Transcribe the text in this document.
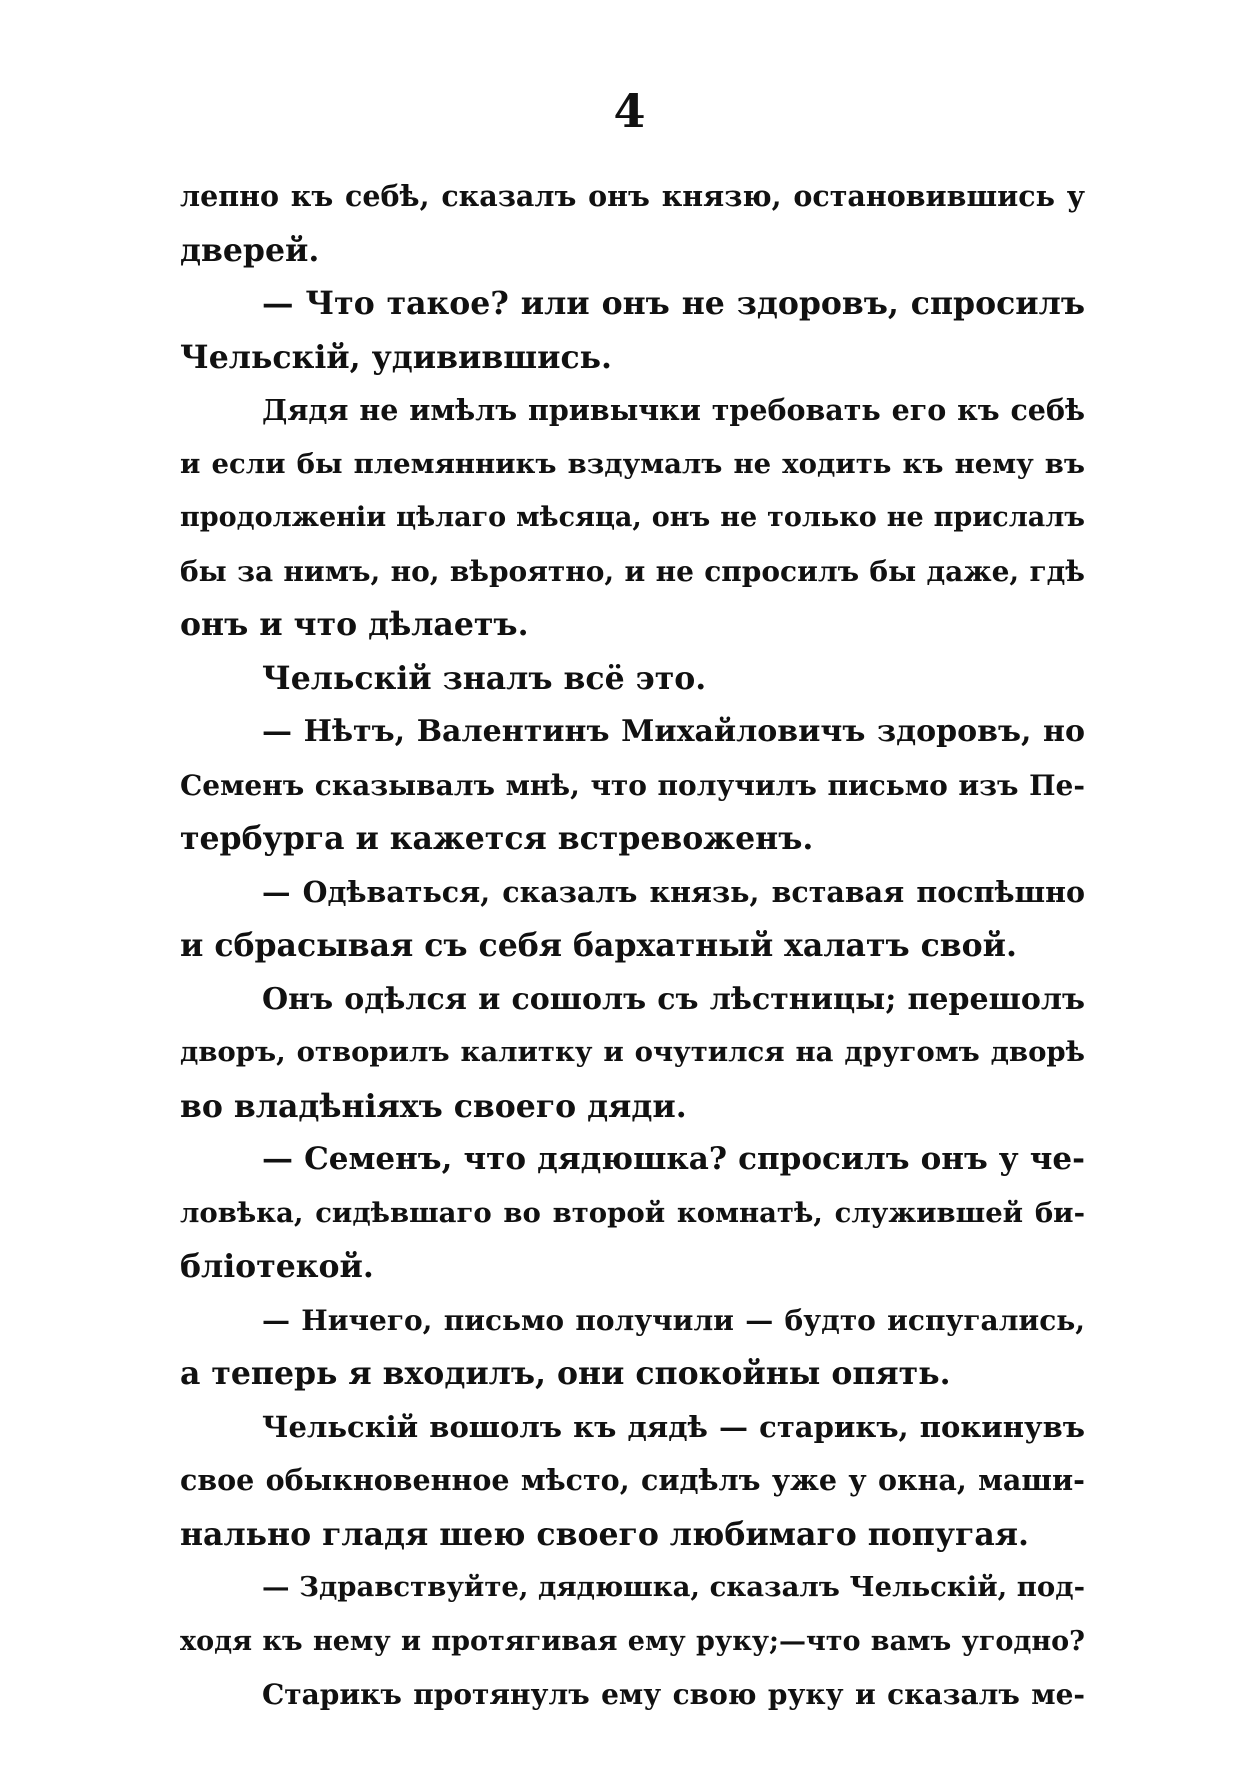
4
лепно къ себѣ, сказалъ онъ князю, остановившись у
дверей.
— Что такое? или онъ не здоровъ, спросилъ
Чельскій, удивившись.
Дядя не имѣлъ привычки требовать его къ себѣ
и если бы племянникъ вздумалъ не ходить къ нему въ
продолженіи цѣлаго мѣсяца, онъ не только не прислалъ
бы за нимъ, но, вѣроятно, и не спросилъ бы даже, гдѣ
онъ и что дѣлаетъ.
Чельскій зналъ всё это.
— Нѣтъ, Валентинъ Михайловичъ здоровъ, но
Семенъ сказывалъ мнѣ, что получилъ письмо изъ Пе-
тербурга и кажется встревоженъ.
— Одѣваться, сказалъ князь, вставая поспѣшно
и сбрасывая съ себя бархатный халатъ свой.
Онъ одѣлся и сошолъ съ лѣстницы; перешолъ
дворъ, отворилъ калитку и очутился на другомъ дворѣ
во владѣніяхъ своего дяди.
— Семенъ, что дядюшка? спросилъ онъ у че-
ловѣка, сидѣвшаго во второй комнатѣ, служившей би-
бліотекой.
— Ничего, письмо получили — будто испугались,
а теперь я входилъ, они спокойны опять.
Чельскій вошолъ къ дядѣ — старикъ, покинувъ
свое обыкновенное мѣсто, сидѣлъ уже у окна, маши-
нально гладя шею своего любимаго попугая.
— Здравствуйте, дядюшка, сказалъ Чельскій, под-
ходя къ нему и протягивая ему руку;—что вамъ угодно?
Старикъ протянулъ ему свою руку и сказалъ ме-
